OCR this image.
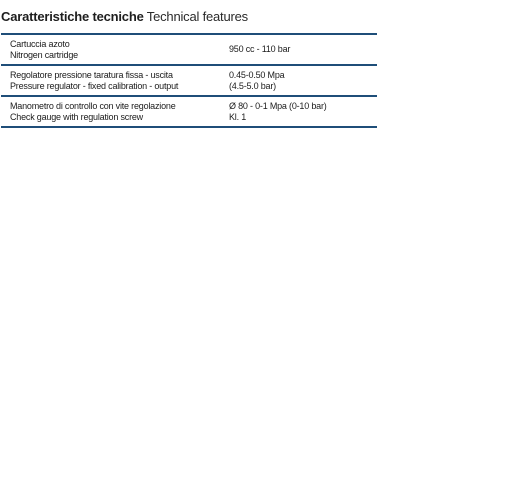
Caratteristiche tecniche Technical features
Cartuccia azoto
Nitrogen cartridge
950 cc - 110 bar
Regolatore pressione taratura fissa - uscita
Pressure regulator - fixed calibration - output
0.45-0.50 Mpa
(4.5-5.0 bar)
Manometro di controllo con vite regolazione
Check gauge with regulation screw
Ø 80 - 0-1 Mpa (0-10 bar)
Kl. 1
